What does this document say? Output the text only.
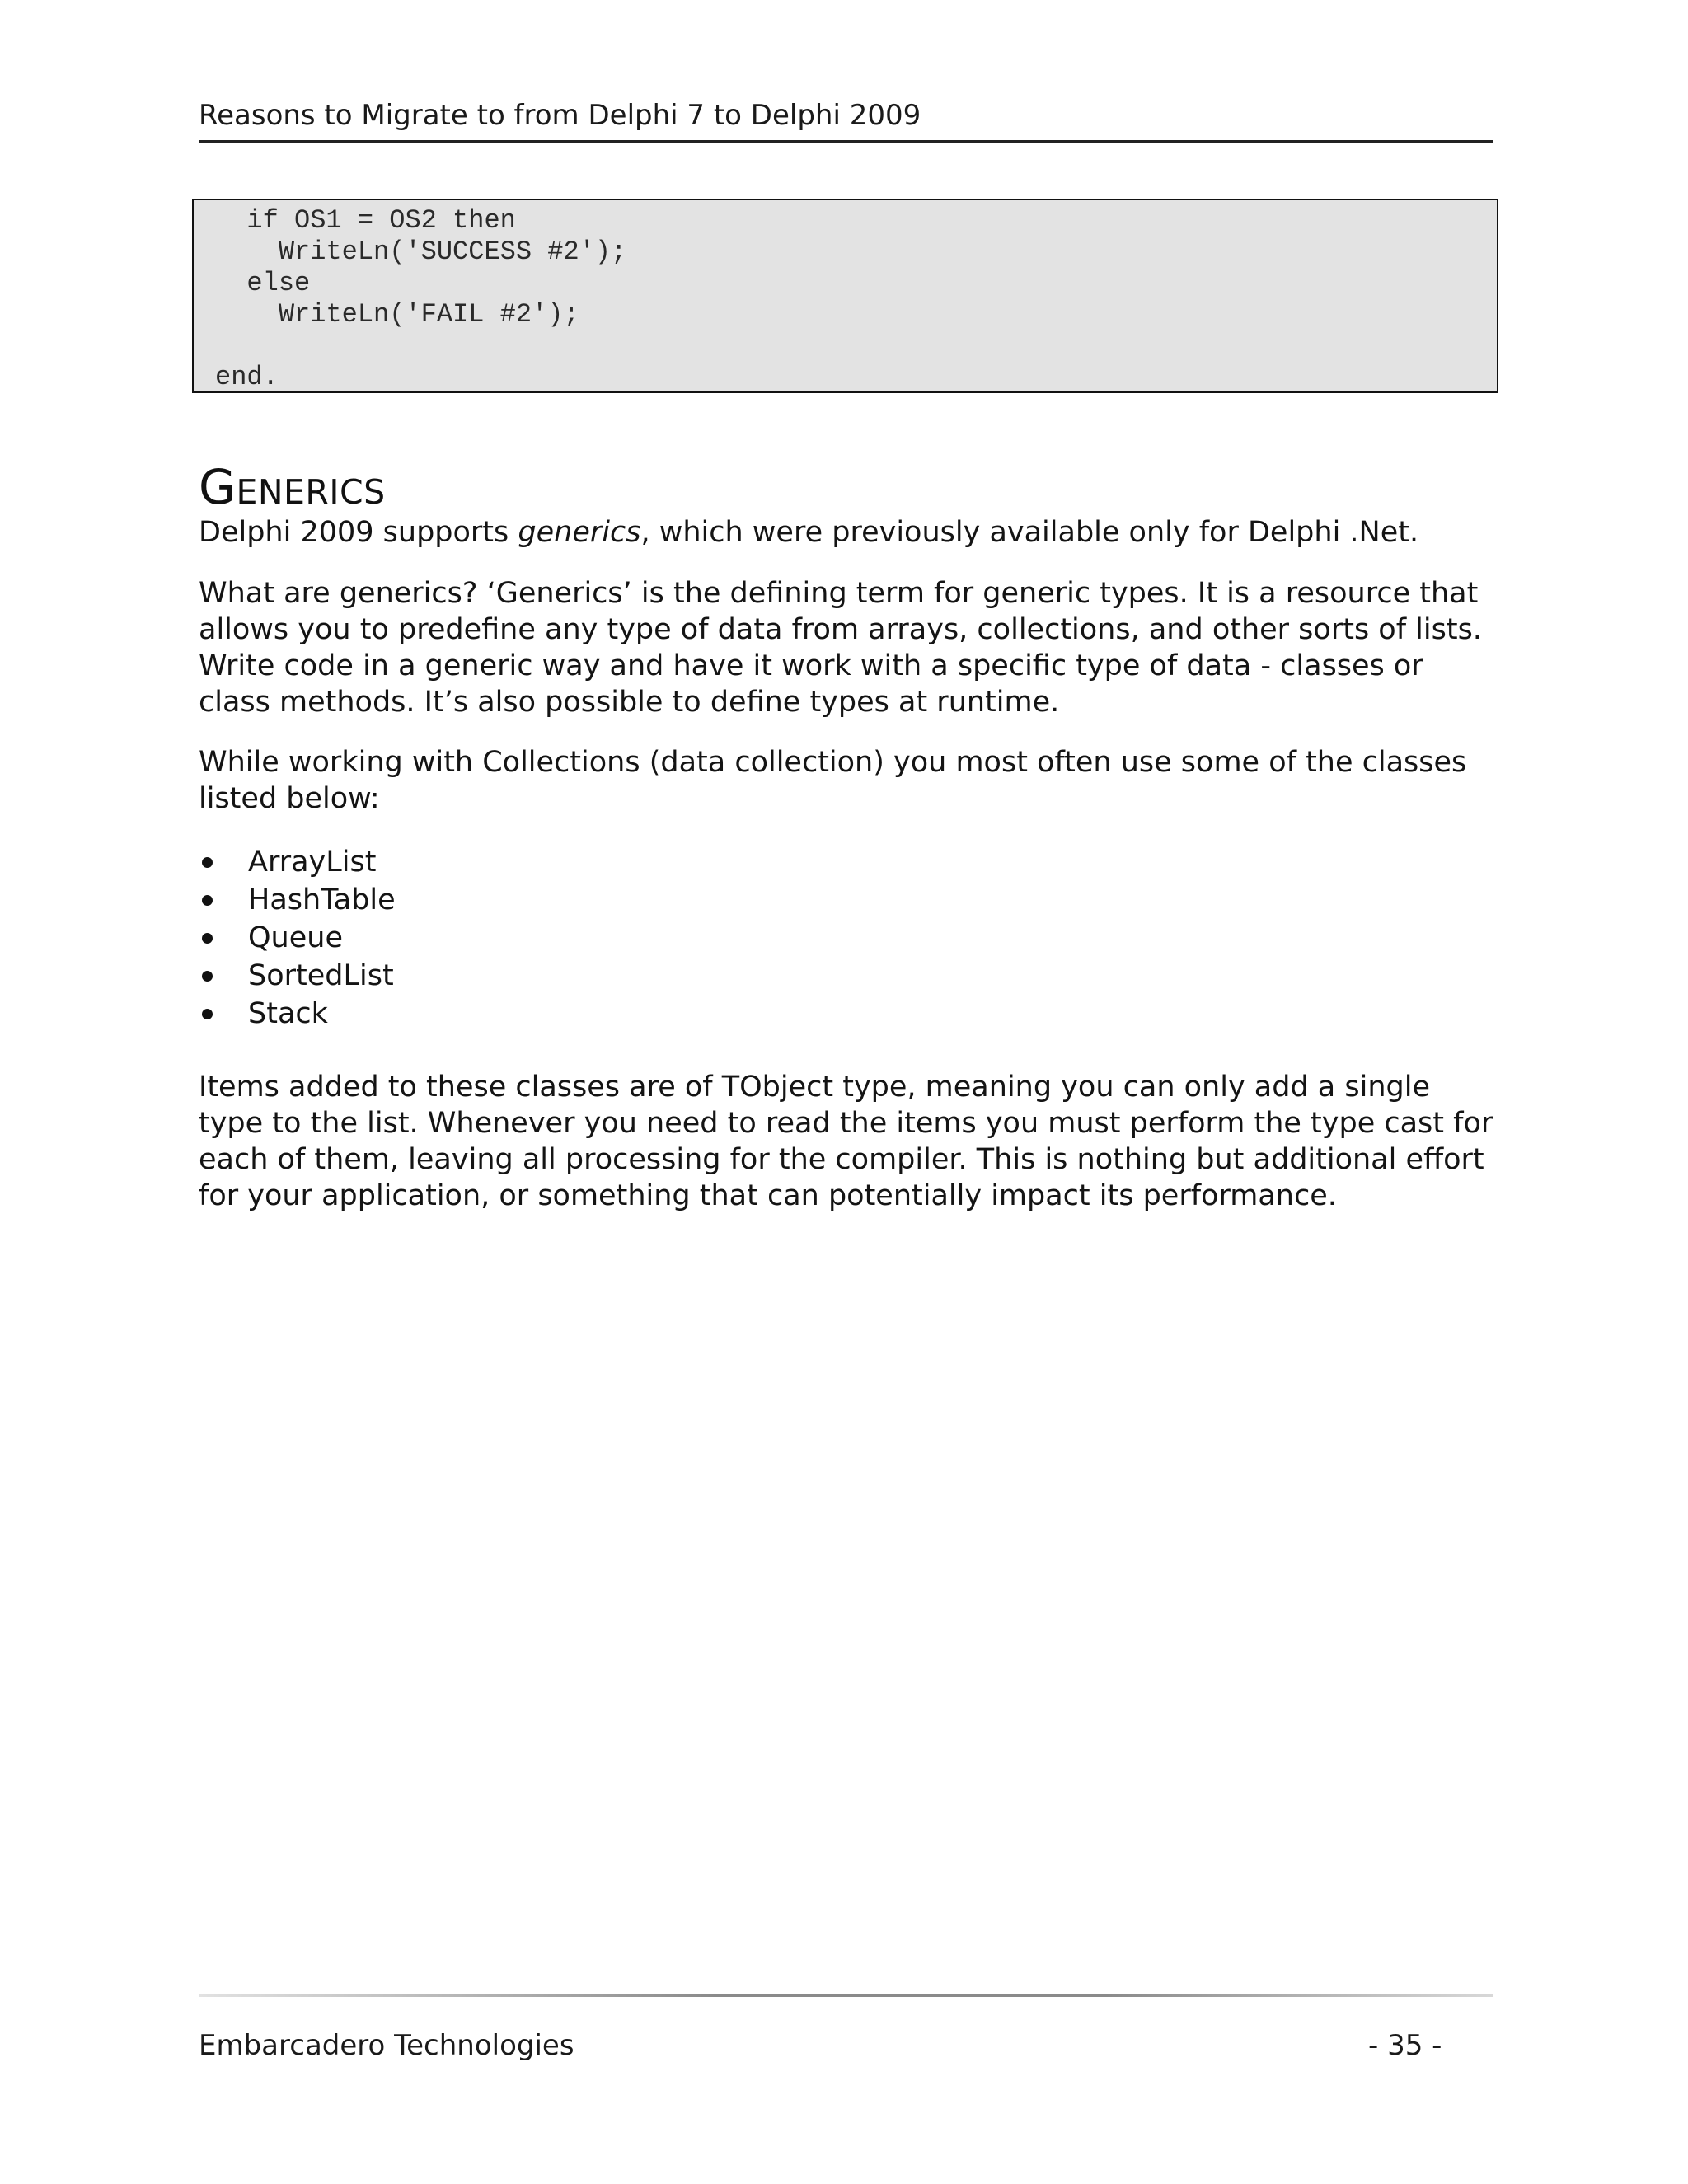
Reasons to Migrate to from Delphi 7 to Delphi 2009
if OS1 = OS2 then
WriteLn('SUCCESS #2');
else
WriteLn('FAIL #2');
end.
Generics
Delphi 2009 supports generics, which were previously available only for Delphi .Net.
What are generics? ‘Generics’ is the defining term for generic types. It is a resource that allows you to predefine any type of data from arrays, collections, and other sorts of lists. Write code in a generic way and have it work with a specific type of data - classes or class methods. It’s also possible to define types at runtime.
While working with Collections (data collection) you most often use some of the classes listed below:
ArrayList
HashTable
Queue
SortedList
Stack
Items added to these classes are of TObject type, meaning you can only add a single type to the list. Whenever you need to read the items you must perform the type cast for each of them, leaving all processing for the compiler. This is nothing but additional effort for your application, or something that can potentially impact its performance.
Embarcadero Technologies	- 35 -
